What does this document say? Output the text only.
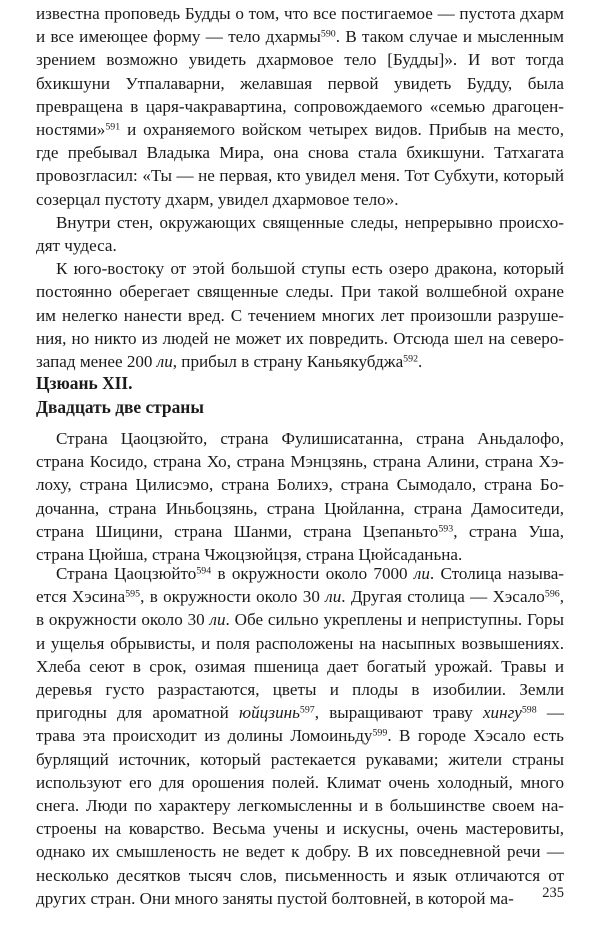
известна проповедь Будды о том, что все постигаемое — пустота дхарм и все имеющее форму — тело дхармы$^{590}$. В таком случае и мысленным зрением возможно увидеть дхармовое тело [Будды]». И вот тогда бхикшуни Утпалаварни, желавшая первой увидеть Будду, была превращена в царя-чакравартина, сопровождаемого «семью драгоценностями»$^{591}$ и охраняемого войском четырех видов. Прибыв на место, где пребывал Владыка Мира, она снова стала бхикшуни. Татхагата провозгласил: «Ты — не первая, кто увидел меня. Тот Субхути, который созерцал пустоту дхарм, увидел дхармовое тело».

Внутри стен, окружающих священные следы, непрерывно происходят чудеса.

К юго-востоку от этой большой ступы есть озеро дракона, который постоянно оберегает священные следы. При такой волшебной охране им нелегко нанести вред. С течением многих лет произошли разрушения, но никто из людей не может их повредить. Отсюда шел на северозапад менее 200 ли, прибыл в страну Каньякубджа$^{592}$.

Цзюань XII.
Двадцать две страны

Страна Цаоцзюйто, страна Фулишисатанна, страна Аньдалофо, страна Косидо, страна Хо, страна Мэнцзянь, страна Алини, страна Хэлоху, страна Цилисэмо, страна Болихэ, страна Сымодало, страна Бодочанна, страна Иньбоцзянь, страна Цюйланна, страна Дамоситеди, страна Шицини, страна Шанми, страна Цзепаньто$^{593}$, страна Уша, страна Цюйша, страна Чжоцзюйцзя, страна Цюйсаданьна.

Страна Цаоцзюйто$^{594}$ в окружности около 7000 ли. Столица называется Хэсина$^{595}$, в окружности около 30 ли. Другая столица — Хэсало$^{596}$, в окружности около 30 ли. Обе сильно укреплены и неприступны. Горы и ущелья обрывисты, и поля расположены на насыпных возвышениях. Хлеба сеют в срок, озимая пшеница дает богатый урожай. Травы и деревья густо разрастаются, цветы и плоды в изобилии. Земли пригодны для ароматной юйцзинь$^{597}$, выращивают траву хингу$^{598}$ — трава эта происходит из долины Ломоиньду$^{599}$. В городе Хэсало есть бурлящий источник, который растекается рукавами; жители страны используют его для орошения полей. Климат очень холодный, много снега. Люди по характеру легкомысленны и в большинстве своем настроены на коварство. Весьма учены и искусны, очень мастеровиты, однако их смышленость не ведет к добру. В их повседневной речи — несколько десятков тысяч слов, письменность и язык отличаются от других стран. Они много заняты пустой болтовней, в которой ма-	235
